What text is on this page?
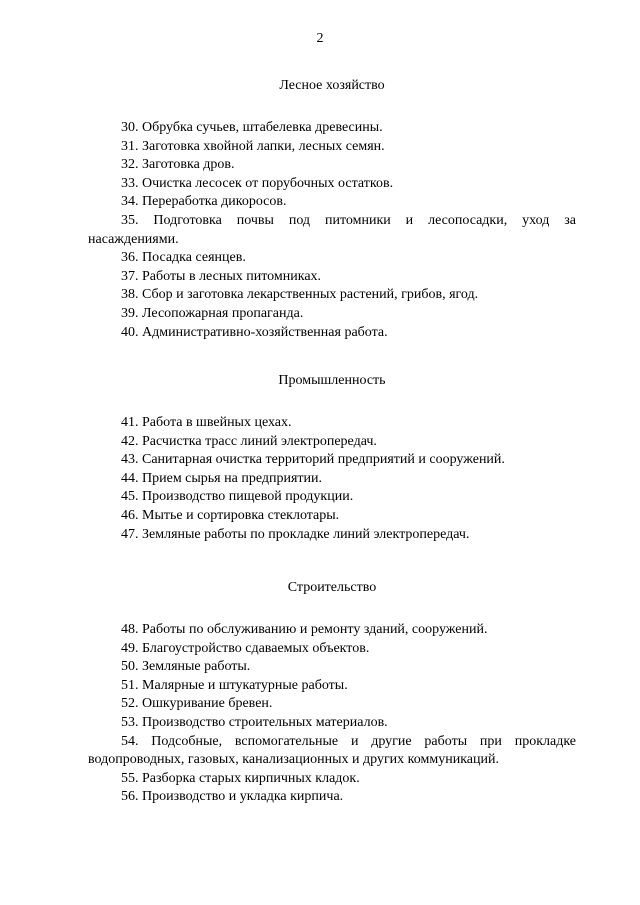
2
Лесное хозяйство

30. Обрубка сучьев, штабелевка древесины.

31. Заготовка хвойной лапки, лесных семян.

32. Заготовка дров.

33. Очистка лесосек от порубочных остатков.

34. Переработка дикоросов.

35. Подготовка почвы под питомники и лесопосадки, уход за насаждениями.

36. Посадка сеянцев.

37. Работы в лесных питомниках.

38. Сбор и заготовка лекарственных растений, грибов, ягод.

39. Лесопожарная пропаганда.

40. Административно-хозяйственная работа.

Промышленность

41. Работа в швейных цехах.

42. Расчистка трасс линий электропередач.

43. Санитарная очистка территорий предприятий и сооружений.

44. Прием сырья на предприятии.

45. Производство пищевой продукции.

46. Мытье и сортировка стеклотары.

47. Земляные работы по прокладке линий электропередач.

Строительство

48. Работы по обслуживанию и ремонту зданий, сооружений.

49. Благоустройство сдаваемых объектов.

50. Земляные работы.

51. Малярные и штукатурные работы.

52. Ошкуривание бревен.

53. Производство строительных материалов.

54. Подсобные, вспомогательные и другие работы при прокладке водопроводных, газовых, канализационных и других коммуникаций.

55. Разборка старых кирпичных кладок.

56. Производство и укладка кирпича.
